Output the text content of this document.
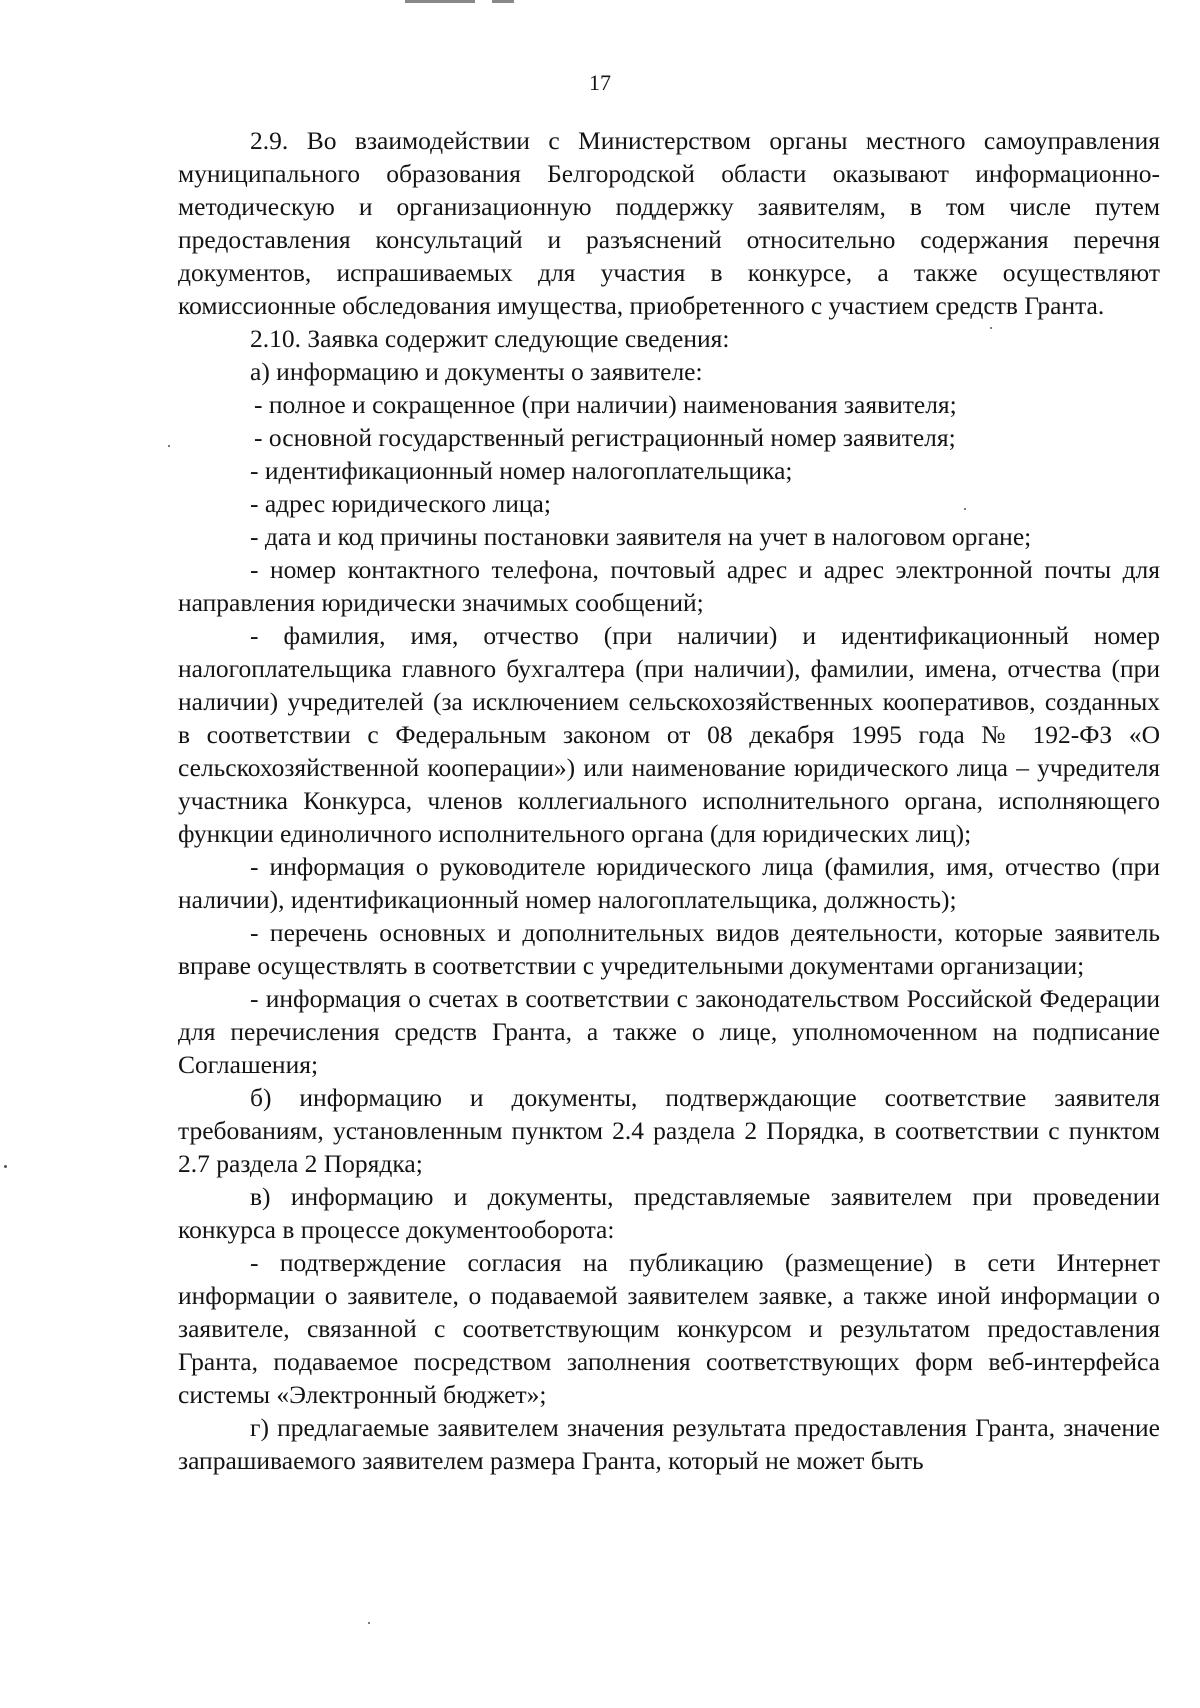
17

2.9. Во взаимодействии с Министерством органы местного самоуправления муниципального образования Белгородской области оказывают информационно-методическую и организационную поддержку заявителям, в том числе путем предоставления консультаций и разъяснений относительно содержания перечня документов, испрашиваемых для участия в конкурсе, а также осуществляют комиссионные обследования имущества, приобретенного с участием средств Гранта.

2.10. Заявка содержит следующие сведения:

а) информацию и документы о заявителе:

- полное и сокращенное (при наличии) наименования заявителя;

- основной государственный регистрационный номер заявителя;

- идентификационный номер налогоплательщика;

- адрес юридического лица;

- дата и код причины постановки заявителя на учет в налоговом органе;

- номер контактного телефона, почтовый адрес и адрес электронной почты для направления юридически значимых сообщений;

- фамилия, имя, отчество (при наличии) и идентификационный номер налогоплательщика главного бухгалтера (при наличии), фамилии, имена, отчества (при наличии) учредителей (за исключением сельскохозяйственных кооперативов, созданных в соответствии с Федеральным законом от 08 декабря 1995 года № 192-ФЗ «О сельскохозяйственной кооперации») или наименование юридического лица – учредителя участника Конкурса, членов коллегиального исполнительного органа, исполняющего функции единоличного исполнительного органа (для юридических лиц);

- информация о руководителе юридического лица (фамилия, имя, отчество (при наличии), идентификационный номер налогоплательщика, должность);

- перечень основных и дополнительных видов деятельности, которые заявитель вправе осуществлять в соответствии с учредительными документами организации;

- информация о счетах в соответствии с законодательством Российской Федерации для перечисления средств Гранта, а также о лице, уполномоченном на подписание Соглашения;

б) информацию и документы, подтверждающие соответствие заявителя требованиям, установленным пунктом 2.4 раздела 2 Порядка, в соответствии с пунктом 2.7 раздела 2 Порядка;

в) информацию и документы, представляемые заявителем при проведении конкурса в процессе документооборота:

- подтверждение согласия на публикацию (размещение) в сети Интернет информации о заявителе, о подаваемой заявителем заявке, а также иной информации о заявителе, связанной с соответствующим конкурсом и результатом предоставления Гранта, подаваемое посредством заполнения соответствующих форм веб-интерфейса системы «Электронный бюджет»;

г) предлагаемые заявителем значения результата предоставления Гранта, значение запрашиваемого заявителем размера Гранта, который не может быть
